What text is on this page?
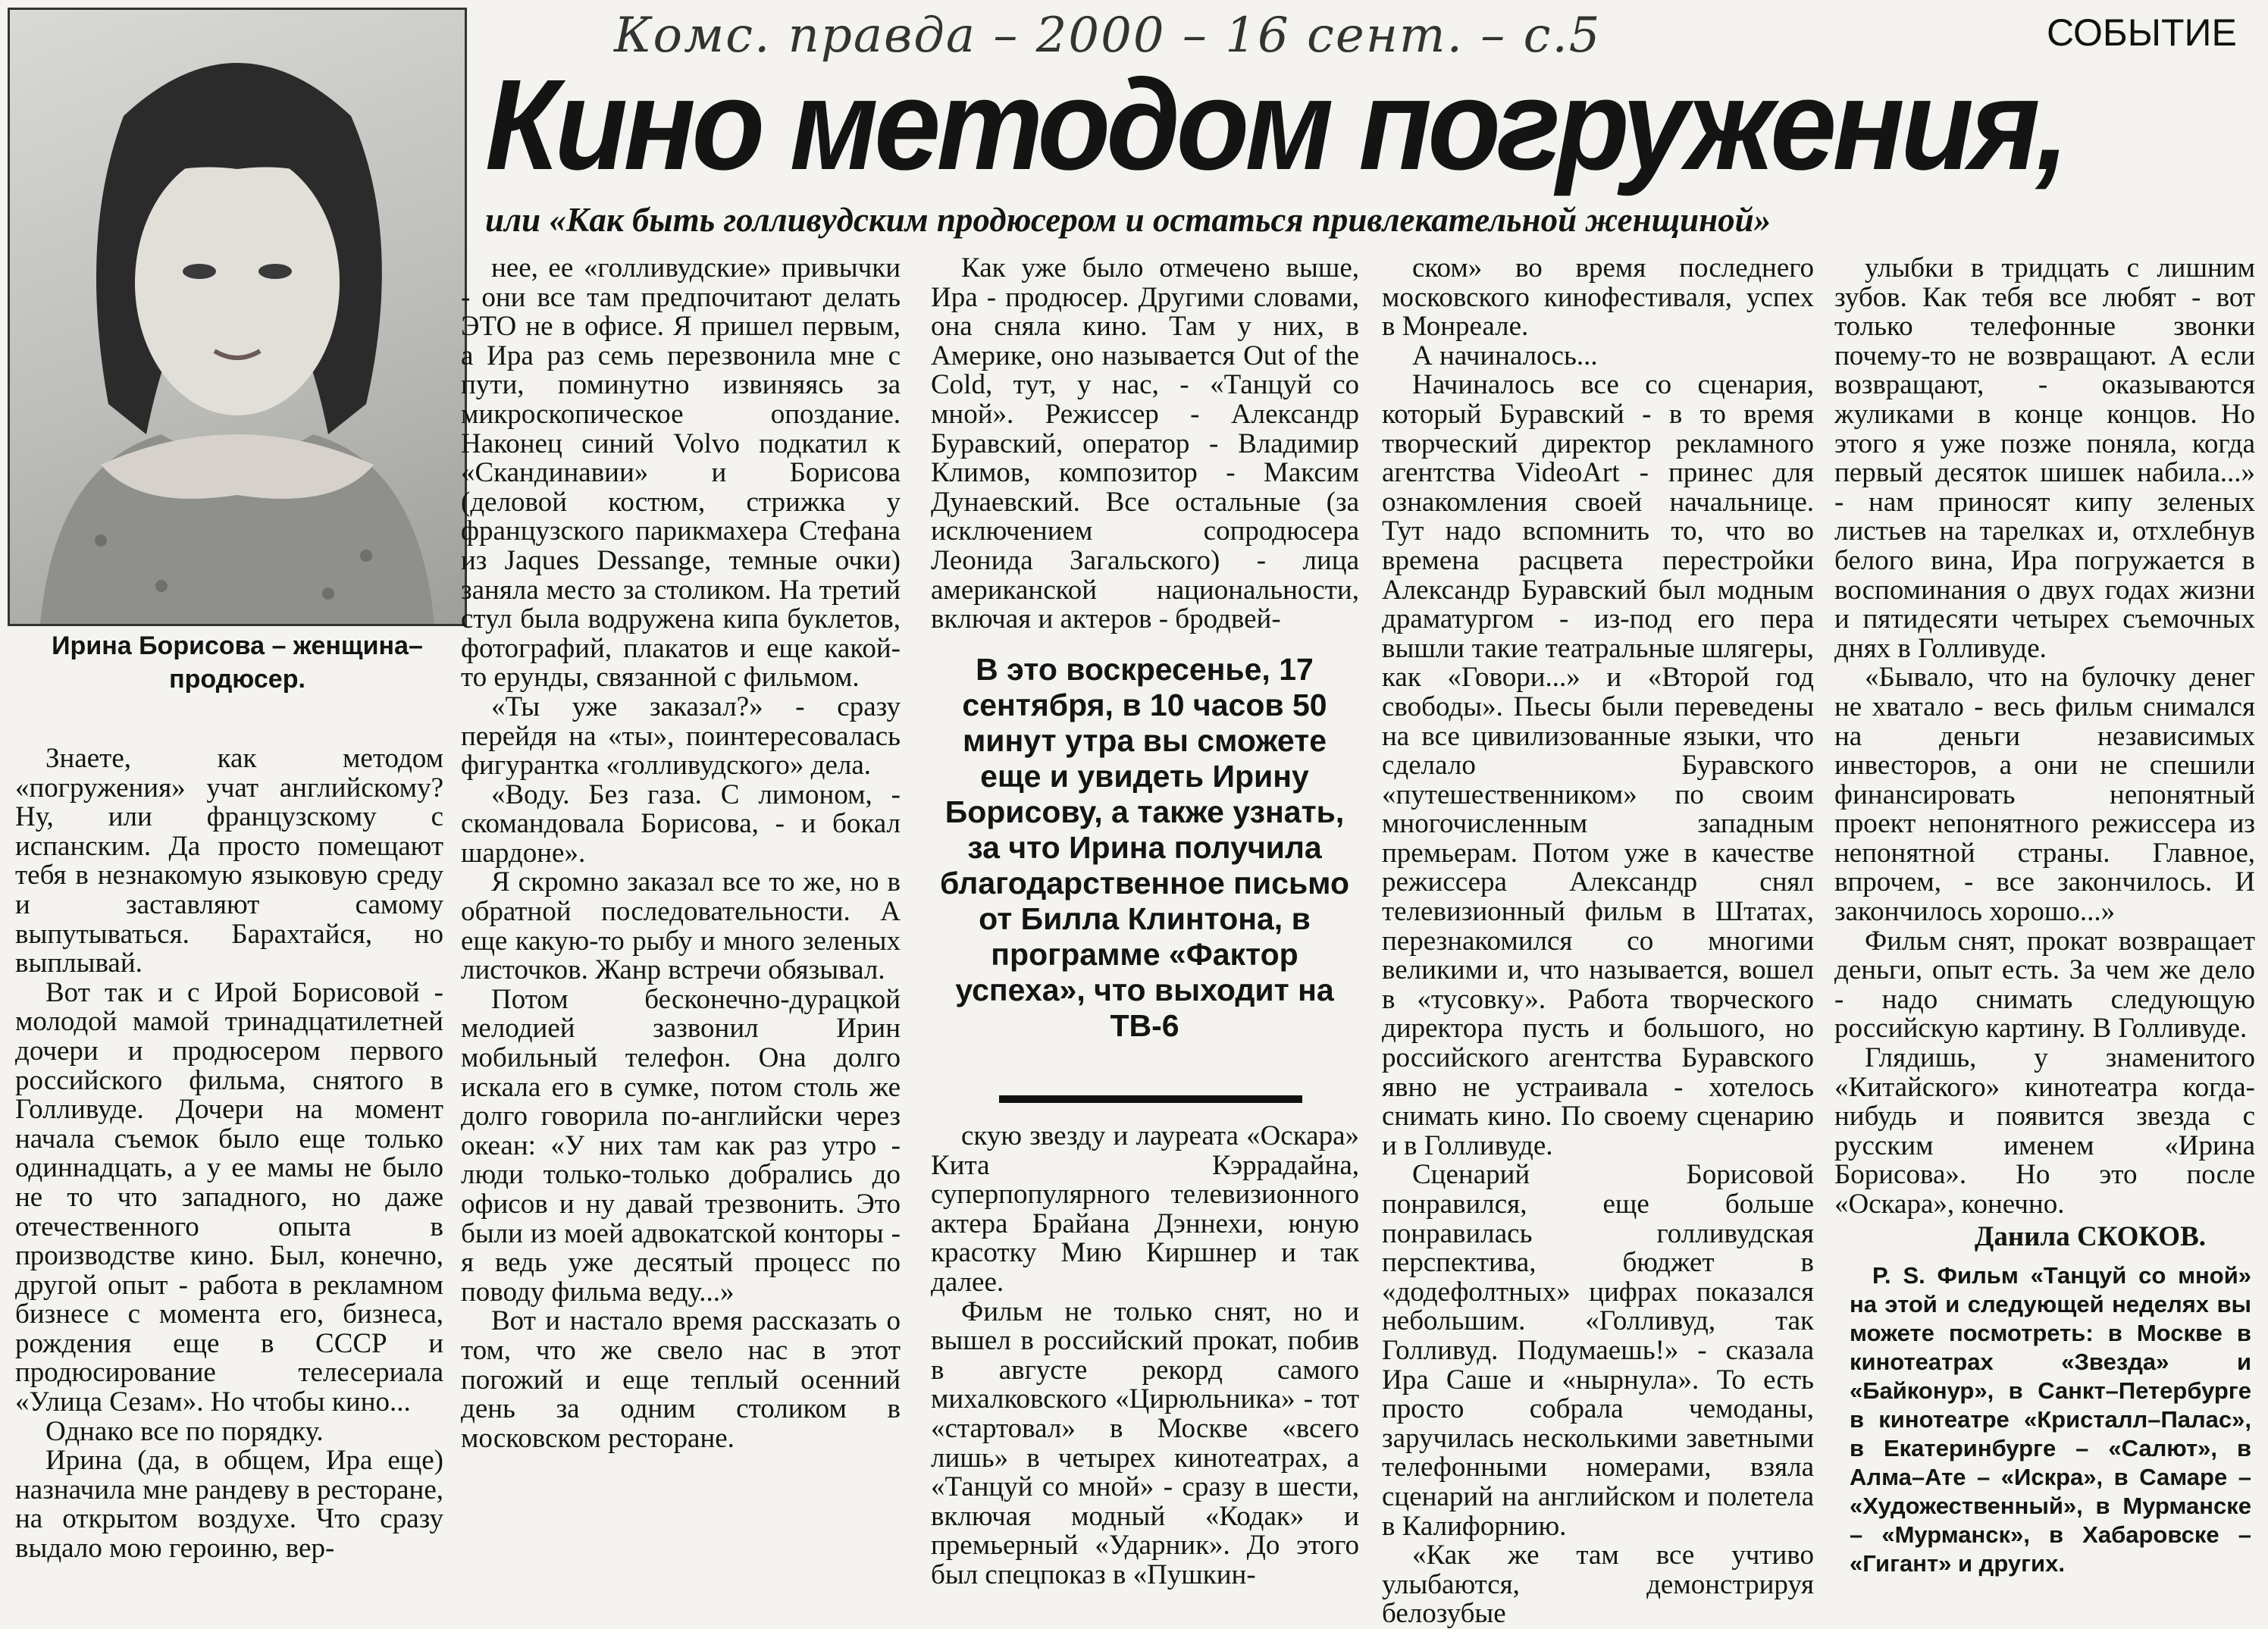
Комс. правда – 2000 – 16 сент. – с.5	СОБЫТИЕ
Кино методом погружения,
или «Как быть голливудским продюсером и остаться привлекательной женщиной»
Ирина Борисова – женщина–продюсер.

Знаете, как методом «погружения» учат английскому? Ну, или французскому с испанским. Да просто помещают тебя в незнакомую языковую среду и заставляют самому выпутываться. Барахтайся, но выплывай.

Вот так и с Ирой Борисовой - молодой мамой тринадцатилетней дочери и продюсером первого российского фильма, снятого в Голливуде. Дочери на момент начала съемок было еще только одиннадцать, а у ее мамы не было не то что западного, но даже отечественного опыта в производстве кино. Был, конечно, другой опыт - работа в рекламном бизнесе с момента его, бизнеса, рождения еще в СССР и продюсирование телесериала «Улица Сезам». Но чтобы кино...

Однако все по порядку.

Ирина (да, в общем, Ира еще) назначила мне рандеву в ресторане, на открытом воздухе. Что сразу выдало мою героиню, вер-

нее, ее «голливудские» привычки - они все там предпочитают делать ЭТО не в офисе. Я пришел первым, а Ира раз семь перезвонила мне с пути, поминутно извиняясь за микроскопическое опоздание. Наконец синий Volvo подкатил к «Скандинавии» и Борисова (деловой костюм, стрижка у французского парикмахера Стефана из Jaques Dessange, темные очки) заняла место за столиком. На третий стул была водружена кипа буклетов, фотографий, плакатов и еще какой-то ерунды, связанной с фильмом.

«Ты уже заказал?» - сразу перейдя на «ты», поинтересовалась фигурантка «голливудского» дела.

«Воду. Без газа. С лимоном, - скомандовала Борисова, - и бокал шардоне».

Я скромно заказал все то же, но в обратной последовательности. А еще какую-то рыбу и много зеленых листочков. Жанр встречи обязывал.

Потом бесконечно-дурацкой мелодией зазвонил Ирин мобильный телефон. Она долго искала его в сумке, потом столь же долго говорила по-английски через океан: «У них там как раз утро - люди только-только добрались до офисов и ну давай трезвонить. Это были из моей адвокатской конторы - я ведь уже десятый процесс по поводу фильма веду...»

Вот и настало время рассказать о том, что же свело нас в этот погожий и еще теплый осенний день за одним столиком в московском ресторане.

Как уже было отмечено выше, Ира - продюсер. Другими словами, она сняла кино. Там у них, в Америке, оно называется Out of the Cold, тут, у нас, - «Танцуй со мной». Режиссер - Александр Буравский, оператор - Владимир Климов, композитор - Максим Дунаевский. Все остальные (за исключением сопродюсера Леонида Загальского) - лица американской национальности, включая и актеров - бродвей-

В это воскресенье, 17 сентября, в 10 часов 50 минут утра вы сможете еще и увидеть Ирину Борисову, а также узнать, за что Ирина получила благодарственное письмо от Билла Клинтона, в программе «Фактор успеха», что выходит на ТВ-6

скую звезду и лауреата «Оскара» Кита Кэррадайна, суперпопулярного телевизионного актера Брайана Дэннехи, юную красотку Мию Киршнер и так далее.

Фильм не только снят, но и вышел в российский прокат, побив в августе рекорд самого михалковского «Цирюльника» - тот «стартовал» в Москве «всего лишь» в четырех кинотеатрах, а «Танцуй со мной» - сразу в шести, включая модный «Кодак» и премьерный «Ударник». До этого был спецпоказ в «Пушкин-

ском» во время последнего московского кинофестиваля, успех в Монреале.

А начиналось...

Начиналось все со сценария, который Буравский - в то время творческий директор рекламного агентства VideoArt - принес для ознакомления своей начальнице. Тут надо вспомнить то, что во времена расцвета перестройки Александр Буравский был модным драматургом - из-под его пера вышли такие театральные шлягеры, как «Говори...» и «Второй год свободы». Пьесы были переведены на все цивилизованные языки, что сделало Буравского «путешественником» по своим многочисленным западным премьерам. Потом уже в качестве режиссера Александр снял телевизионный фильм в Штатах, перезнакомился со многими великими и, что называется, вошел в «тусовку». Работа творческого директора пусть и большого, но российского агентства Буравского явно не устраивала - хотелось снимать кино. По своему сценарию и в Голливуде.

Сценарий Борисовой понравился, еще больше понравилась голливудская перспектива, бюджет в «додефолтных» цифрах показался небольшим. «Голливуд, так Голливуд. Подумаешь!» - сказала Ира Саше и «нырнула». То есть просто собрала чемоданы, заручилась несколькими заветными телефонными номерами, взяла сценарий на английском и полетела в Калифорнию.

«Как же там все учтиво улыбаются, демонстрируя белозубые

улыбки в тридцать с лишним зубов. Как тебя все любят - вот только телефонные звонки почему-то не возвращают. А если возвращают, - оказываются жуликами в конце концов. Но этого я уже позже поняла, когда первый десяток шишек набила...» - нам приносят кипу зеленых листьев на тарелках и, отхлебнув белого вина, Ира погружается в воспоминания о двух годах жизни и пятидесяти четырех съемочных днях в Голливуде.

«Бывало, что на булочку денег не хватало - весь фильм снимался на деньги независимых инвесторов, а они не спешили финансировать непонятный проект непонятного режиссера из непонятной страны. Главное, впрочем, - все закончилось. И закончилось хорошо...»

Фильм снят, прокат возвращает деньги, опыт есть. За чем же дело - надо снимать следующую российскую картину. В Голливуде.

Глядишь, у знаменитого «Китайского» кинотеатра когда-нибудь и появится звезда с русским именем «Ирина Борисова». Но это после «Оскара», конечно.

Данила СКОКОВ.

Р. S. Фильм «Танцуй со мной» на этой и следующей неделях вы можете посмотреть: в Москве в кинотеатрах «Звезда» и «Байконур», в Санкт–Петербурге в кинотеатре «Кристалл–Палас», в Екатеринбурге – «Салют», в Алма–Ате – «Искра», в Самаре – «Художественный», в Мурманске – «Мурманск», в Хабаровске – «Гигант» и других.
